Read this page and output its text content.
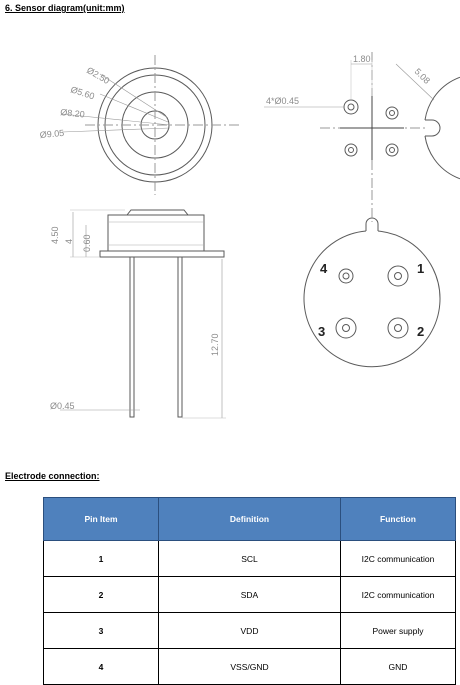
6. Sensor diagram(unit:mm)
Ø2.50
Ø5.60
Ø8.20
Ø9.05
4.50 4 0.60
12.70
Ø0.45
1.80
5.08
4*Ø0.45
1
2
3
4
Electrode connection:
Pin Item	Definition	Function
1	SCL	I2C communication
2	SDA	I2C communication
3	VDD	Power supply
4	VSS/GND	GND
